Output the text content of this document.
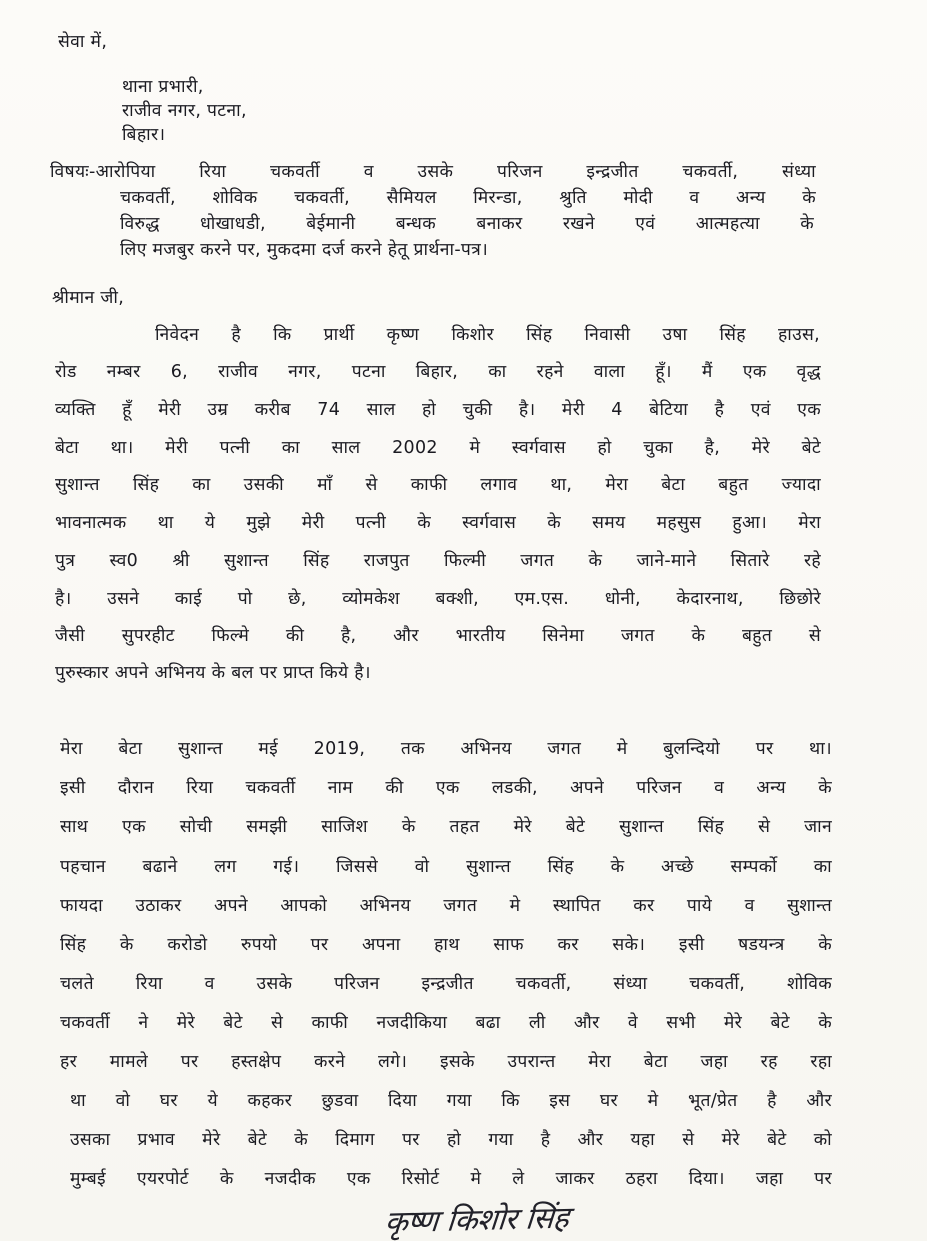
सेवा में,
थाना प्रभारी,
राजीव नगर, पटना,
बिहार।
विषयः-आरोपिया रिया चकवर्ती व उसके परिजन इन्द्रजीत चकवर्ती, संध्या
चकवर्ती, शोविक चकवर्ती, सैमियल मिरन्डा, श्रुति मोदी व अन्य के
विरुद्ध धोखाधडी, बेईमानी बन्धक बनाकर रखने एवं आत्महत्या के
लिए मजबुर करने पर, मुकदमा दर्ज करने हेतू प्रार्थना-पत्र।
श्रीमान जी,
निवेदन है कि प्रार्थी कृष्ण किशोर सिंह निवासी उषा सिंह हाउस,
रोड नम्बर 6, राजीव नगर, पटना बिहार, का रहने वाला हूँ। मैं एक वृद्ध
व्यक्ति हूँ मेरी उम्र करीब 74 साल हो चुकी है। मेरी 4 बेटिया है एवं एक
बेटा था। मेरी पत्नी का साल 2002 मे स्वर्गवास हो चुका है, मेरे बेटे
सुशान्त सिंह का उसकी माँ से काफी लगाव था, मेरा बेटा बहुत ज्यादा
भावनात्मक था ये मुझे मेरी पत्नी के स्वर्गवास के समय महसुस हुआ। मेरा
पुत्र स्व0 श्री सुशान्त सिंह राजपुत फिल्मी जगत के जाने-माने सितारे रहे
है। उसने काई पो छे, व्योमकेश बक्शी, एम.एस. धोनी, केदारनाथ, छिछोरे
जैसी सुपरहीट फिल्मे की है, और भारतीय सिनेमा जगत के बहुत से
पुरुस्कार अपने अभिनय के बल पर प्राप्त किये है।
मेरा बेटा सुशान्त मई 2019, तक अभिनय जगत मे बुलन्दियो पर था।
इसी दौरान रिया चकवर्ती नाम की एक लडकी, अपने परिजन व अन्य के
साथ एक सोची समझी साजिश के तहत मेरे बेटे सुशान्त सिंह से जान
पहचान बढाने लग गई। जिससे वो सुशान्त सिंह के अच्छे सम्पर्को का
फायदा उठाकर अपने आपको अभिनय जगत मे स्थापित कर पाये व सुशान्त
सिंह के करोडो रुपयो पर अपना हाथ साफ कर सके। इसी षडयन्त्र के
चलते रिया व उसके परिजन इन्द्रजीत चकवर्ती, संध्या चकवर्ती, शोविक
चकवर्ती ने मेरे बेटे से काफी नजदीकिया बढा ली और वे सभी मेरे बेटे के
हर मामले पर हस्तक्षेप करने लगे। इसके उपरान्त मेरा बेटा जहा रह रहा
था वो घर ये कहकर छुडवा दिया गया कि इस घर मे भूत/प्रेत है और
उसका प्रभाव मेरे बेटे के दिमाग पर हो गया है और यहा से मेरे बेटे को
मुम्बई एयरपोर्ट के नजदीक एक रिसोर्ट मे ले जाकर ठहरा दिया। जहा पर
कृष्ण किशोर सिंह
